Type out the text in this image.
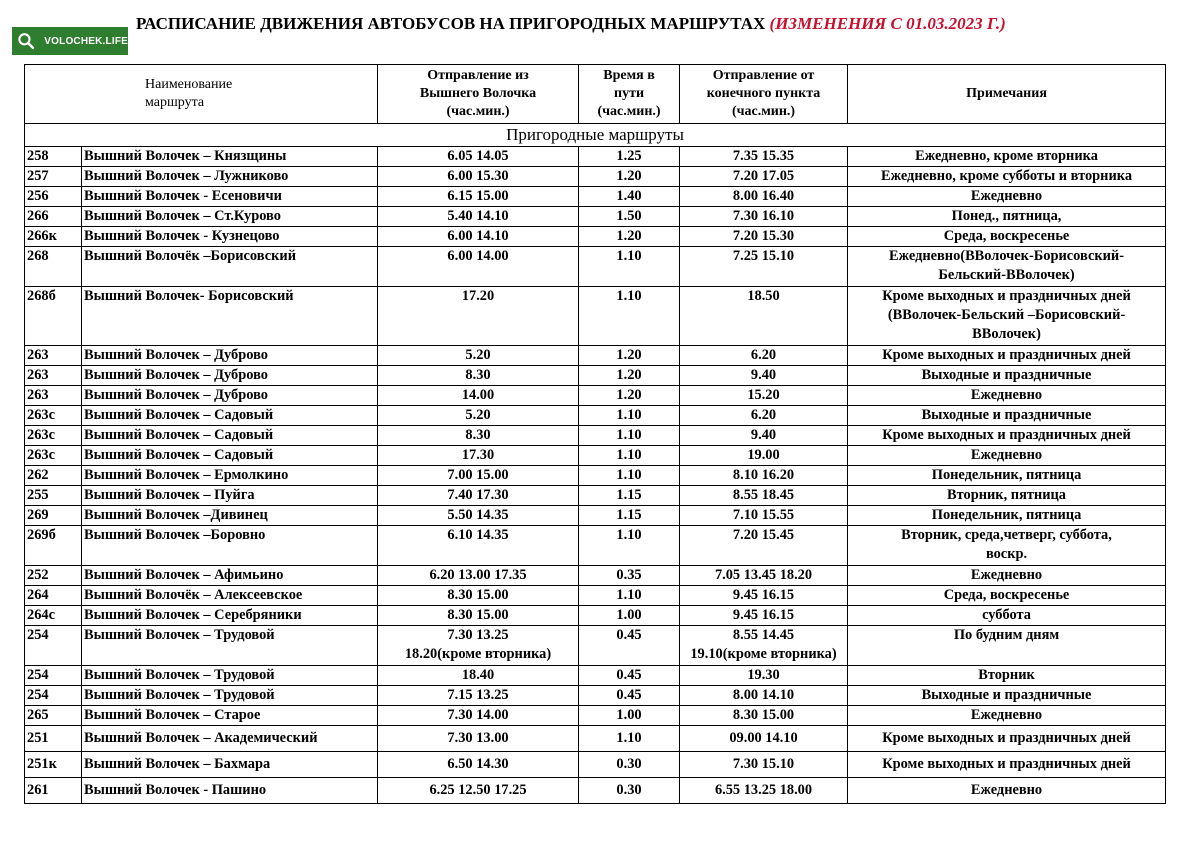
VOLOCHEK.LIFE
РАСПИСАНИЕ ДВИЖЕНИЯ АВТОБУСОВ НА ПРИГОРОДНЫХ МАРШРУТАХ (ИЗМЕНЕНИЯ С 01.03.2023 Г.)
Наименование
маршрута		Отправление из
Вышнего Волочка
(час.мин.)	Время в
пути
(час.мин.)	Отправление от
конечного пункта
(час.мин.)	Примечания
Пригородные маршруты					
258	Вышний Волочек – Князщины	6.05 14.05	1.25	7.35 15.35	Ежедневно, кроме вторника
257	Вышний Волочек – Лужниково	6.00 15.30	1.20	7.20 17.05	Ежедневно, кроме субботы и вторника
256	Вышний Волочек - Есеновичи	6.15 15.00	1.40	8.00 16.40	Ежедневно
266	Вышний Волочек – Ст.Курово	5.40 14.10	1.50	7.30 16.10	Понед., пятница,
266к	Вышний Волочек - Кузнецово	6.00 14.10	1.20	7.20 15.30	Среда, воскресенье
268	Вышний Волочёк –Борисовский	6.00 14.00	1.10	7.25 15.10	Ежедневно(ВВолочек-Борисовский-
Бельский-ВВолочек)
268б	Вышний Волочек- Борисовский	17.20	1.10	18.50	Кроме выходных и праздничных дней
(ВВолочек-Бельский –Борисовский-
ВВолочек)
263	Вышний Волочек – Дуброво	5.20	1.20	6.20	Кроме выходных и праздничных дней
263	Вышний Волочек – Дуброво	8.30	1.20	9.40	Выходные и праздничные
263	Вышний Волочек – Дуброво	14.00	1.20	15.20	Ежедневно
263с	Вышний Волочек – Садовый	5.20	1.10	6.20	Выходные и праздничные
263с	Вышний Волочек – Садовый	8.30	1.10	9.40	Кроме выходных и праздничных дней
263с	Вышний Волочек – Садовый	17.30	1.10	19.00	Ежедневно
262	Вышний Волочек – Ермолкино	7.00 15.00	1.10	8.10 16.20	Понедельник, пятница
255	Вышний Волочек – Пуйга	7.40 17.30	1.15	8.55 18.45	Вторник, пятница
269	Вышний Волочек –Дивинец	5.50 14.35	1.15	7.10 15.55	Понедельник, пятница
269б	Вышний Волочек –Боровно	6.10 14.35	1.10	7.20 15.45	Вторник, среда,четверг, суббота,
воскр.
252	Вышний Волочек – Афимьино	6.20 13.00 17.35	0.35	7.05 13.45 18.20	Ежедневно
264	Вышний Волочёк – Алексеевское	8.30 15.00	1.10	9.45 16.15	Среда, воскресенье
264с	Вышний Волочек – Серебряники	8.30 15.00	1.00	9.45 16.15	суббота
254	Вышний Волочек – Трудовой	7.30 13.25
18.20(кроме вторника)	0.45	8.55 14.45
19.10(кроме вторника)	По будним дням
254	Вышний Волочек – Трудовой	18.40	0.45	19.30	Вторник
254	Вышний Волочек – Трудовой	7.15 13.25	0.45	8.00 14.10	Выходные и праздничные
265	Вышний Волочек – Старое	7.30 14.00	1.00	8.30 15.00	Ежедневно
251	Вышний Волочек – Академический	7.30 13.00	1.10	09.00 14.10	Кроме выходных и праздничных дней
251к	Вышний Волочек – Бахмара	6.50 14.30	0.30	7.30 15.10	Кроме выходных и праздничных дней
261	Вышний Волочек - Пашино	6.25 12.50 17.25	0.30	6.55 13.25 18.00	Ежедневно
